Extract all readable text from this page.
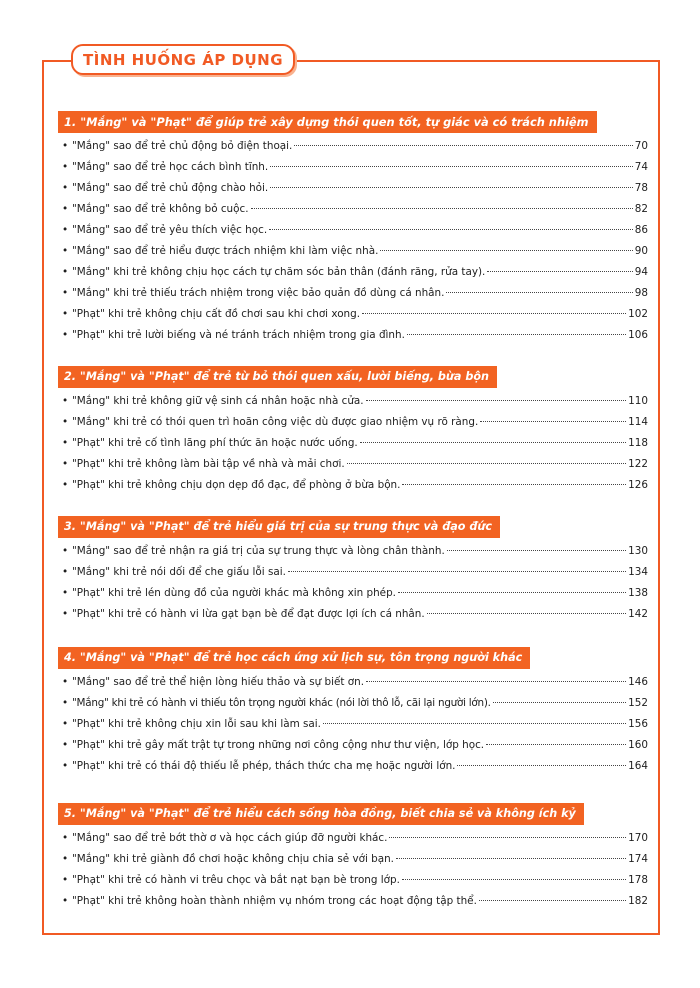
TÌNH HUỐNG ÁP DỤNG
1. "Mắng" và "Phạt" để giúp trẻ xây dựng thói quen tốt, tự giác và có trách nhiệm
• "Mắng" sao để trẻ chủ động bỏ điện thoại.	70
• "Mắng" sao để trẻ học cách bình tĩnh.	74
• "Mắng" sao để trẻ chủ động chào hỏi.	78
• "Mắng" sao để trẻ không bỏ cuộc.	82
• "Mắng" sao để trẻ yêu thích việc học.	86
• "Mắng" sao để trẻ hiểu được trách nhiệm khi làm việc nhà.	90
• "Mắng" khi trẻ không chịu học cách tự chăm sóc bản thân (đánh răng, rửa tay).	94
• "Mắng" khi trẻ thiếu trách nhiệm trong việc bảo quản đồ dùng cá nhân.	98
• "Phạt" khi trẻ không chịu cất đồ chơi sau khi chơi xong.	102
• "Phạt" khi trẻ lười biếng và né tránh trách nhiệm trong gia đình.	106
2. "Mắng" và "Phạt" để trẻ từ bỏ thói quen xấu, lười biếng, bừa bộn
• "Mắng" khi trẻ không giữ vệ sinh cá nhân hoặc nhà cửa.	110
• "Mắng" khi trẻ có thói quen trì hoãn công việc dù được giao nhiệm vụ rõ ràng.	114
• "Phạt" khi trẻ cố tình lãng phí thức ăn hoặc nước uống.	118
• "Phạt" khi trẻ không làm bài tập về nhà và mải chơi.	122
• "Phạt" khi trẻ không chịu dọn dẹp đồ đạc, để phòng ở bừa bộn.	126
3. "Mắng" và "Phạt" để trẻ hiểu giá trị của sự trung thực và đạo đức
• "Mắng" sao để trẻ nhận ra giá trị của sự trung thực và lòng chân thành.	130
• "Mắng" khi trẻ nói dối để che giấu lỗi sai.	134
• "Phạt" khi trẻ lén dùng đồ của người khác mà không xin phép.	138
• "Phạt" khi trẻ có hành vi lừa gạt bạn bè để đạt được lợi ích cá nhân.	142
4. "Mắng" và "Phạt" để trẻ học cách ứng xử lịch sự, tôn trọng người khác
• "Mắng" sao để trẻ thể hiện lòng hiếu thảo và sự biết ơn.	146
• "Mắng" khi trẻ có hành vi thiếu tôn trọng người khác (nói lời thô lỗ, cãi lại người lớn).	152
• "Phạt" khi trẻ không chịu xin lỗi sau khi làm sai.	156
• "Phạt" khi trẻ gây mất trật tự trong những nơi công cộng như thư viện, lớp học.	160
• "Phạt" khi trẻ có thái độ thiếu lễ phép, thách thức cha mẹ hoặc người lớn.	164
5. "Mắng" và "Phạt" để trẻ hiểu cách sống hòa đồng, biết chia sẻ và không ích kỷ
• "Mắng" sao để trẻ bớt thờ ơ và học cách giúp đỡ người khác.	170
• "Mắng" khi trẻ giành đồ chơi hoặc không chịu chia sẻ với bạn.	174
• "Phạt" khi trẻ có hành vi trêu chọc và bắt nạt bạn bè trong lớp.	178
• "Phạt" khi trẻ không hoàn thành nhiệm vụ nhóm trong các hoạt động tập thể.	182
